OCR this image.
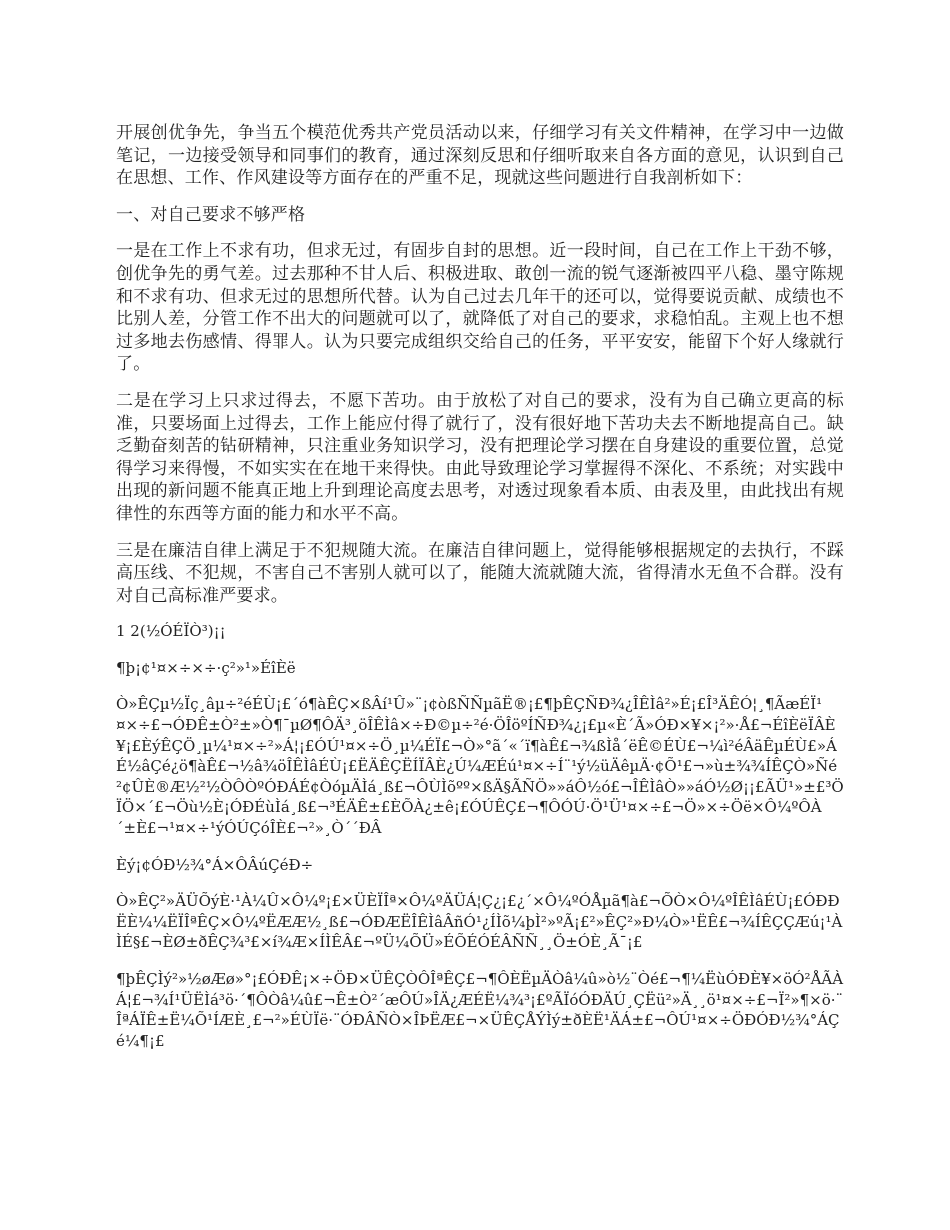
开展创优争先，争当五个模范优秀共产党员活动以来，仔细学习有关文件精神，在学习中一边做笔记，一边接受领导和同事们的教育，通过深刻反思和仔细听取来自各方面的意见，认识到自己在思想、工作、作风建设等方面存在的严重不足，现就这些问题进行自我剖析如下：

一、对自己要求不够严格

一是在工作上不求有功，但求无过，有固步自封的思想。近一段时间，自己在工作上干劲不够，创优争先的勇气差。过去那种不甘人后、积极进取、敢创一流的锐气逐渐被四平八稳、墨守陈规和不求有功、但求无过的思想所代替。认为自己过去几年干的还可以，觉得要说贡献、成绩也不比别人差，分管工作不出大的问题就可以了，就降低了对自己的要求，求稳怕乱。主观上也不想过多地去伤感情、得罪人。认为只要完成组织交给自己的任务，平平安安，能留下个好人缘就行了。

二是在学习上只求过得去，不愿下苦功。由于放松了对自己的要求，没有为自己确立更高的标准，只要场面上过得去，工作上能应付得了就行了，没有很好地下苦功夫去不断地提高自己。缺乏勤奋刻苦的钻研精神，只注重业务知识学习，没有把理论学习摆在自身建设的重要位置，总觉得学习来得慢，不如实实在在地干来得快。由此导致理论学习掌握得不深化、不系统；对实践中出现的新问题不能真正地上升到理论高度去思考，对透过现象看本质、由表及里，由此找出有规律性的东西等方面的能力和水平不高。

三是在廉洁自律上满足于不犯规随大流。在廉洁自律问题上，觉得能够根据规定的去执行，不踩高压线、不犯规，不害自己不害别人就可以了，能随大流就随大流，省得清水无鱼不合群。没有对自己高标准严要求。

1 2(½ÓÉÏÒ³)¡¡

¶þ¡¢¹¤×÷×÷·ç²»¹»ÉîÈë

Ò»ÊÇµ½Ïç¸âµ÷²éÉÙ¡£´ó¶àÊÇ×ßÂí¹Û»¨¡¢òßÑÑµãË®¡£¶þÊÇÑÐ¾¿ÎÊÌâ²»É¡£Î³ÄÊÓ¦¸¶ÃæÉÏ¹¤×÷£¬ÓÐÊ±Ò²±»Ò¶¯µØ¶ÔÄ³¸öÎÊÌâ×÷Ð©µ÷²é·ÖÎöºÍÑÐ¾¿¡£µ«È´Ã»ÓÐ×¥×¡²»·Å£¬ÉîÈëÏÂÈ¥¡£ÈýÊÇÖ¸µ¼¹¤×÷²»Á¦¡£ÓÚ¹¤×÷Ö¸µ¼ÉÏ£¬Ò»°ã´«´ï¶àÊ£¬¾ßÌå´ëÊ©ÉÙ£¬¼ì²éÂäÊµÉÙ£»ÁÉ½âÇé¿ö¶àÊ£¬½â¾öÎÊÌâÉÙ¡£ËÄÊÇËÍÏÂÈ¿Ú¼ÆÉú¹¤×÷Í¨¹ý½üÄêµÄ·¢Õ¹£¬»ù±¾¾ÍÊÇÒ»Ñé²¢ÛÈ®Æ½²½ÒÔÒºÓÐÁÉ¢ÒóµÄÌá¸ß£¬ÔÙÌõºº×ßÄ§ÃÑÖ»»áÔ½ó£¬ÎÊÌâÒ»»áÓ½Ø¡¡£ÃÜ¹»±£³ÖÏÖ×´£¬Öù½È¡ÓÐÉùÌá¸ß£¬³ÉÄÊ±£ÈÕÀ¿±ê¡£ÓÚÊÇ£¬¶ÔÓÚ·Ö¹Ü¹¤×÷£¬Ö»×÷Öë×Ô¼ºÔÀ´±È£¬¹¤×÷¹ýÓÚÇóÎÈ£¬²»¸Ò´´ÐÂ

Èý¡¢ÓÐ½¾°Á×ÔÂúÇéÐ÷

Ò»ÊÇ²»ÄÜÕýÈ·¹À¼Û×Ô¼º¡£×ÜÈÏÎª×Ô¼ºÄÜÁ¦Ç¿¡£¿´×Ô¼ºÓÅµã¶à£¬ÕÒ×Ô¼ºÎÊÌâÉÙ¡£ÓÐÐËÈ¼¼ËÏÎªÊÇ×Ô¼ºËÆÆ½¸ß£¬ÓÐÆËÎÊÌâÂñÓ¹¿ÍÌõ¼þÌ²»ºÃ¡£²»ÊÇ²»Ð¼Ò»¹ËÊ£¬¾ÍÊÇÇÆú¡¹ÀÌÉ§£¬ÈØ±ðÊÇ¾³£×í¾Æ×ÍÌÊÂ£¬ºÜ¼ÕÜ»ÉÕÉÓÉÂÑÑ¸¸Ö±ÓÈ¸Ã¯¡£

¶þÊÇÌý²»½øÆø»°¡£ÓÐÊ¡×÷ÖÐ×ÜÊÇÒÔÎªÊÇ£¬¶ÔÈËµÄÒâ¼û»ò½¨Òé£¬¶¼ËùÓÐÈ¥×öÓ²ÅÃÀÁ¦£¬¾Í¹ÜËÌá³ö·´¶ÔÒâ¼û£¬Ê±Ò²´æÔÚ»ÎÄ¿ÆÉË¼¾³¡£ºÃÏóÓÐÄÚ¸ÇËü²»Ä¸¸ö¹¤×÷£¬Ï²»¶×ö·¨ÎªÁÏÊ±Ë¼Õ¹ÍÆÈ¸£¬²»ÉÙÏë·¨ÓÐÂÑÒ×ÎÞËÆ£¬×ÜÊÇÅÝÌý±ðÈË¹ÄÁ±£¬ÔÚ¹¤×÷ÖÐÓÐ½¾°ÁÇé¼¶¡£
